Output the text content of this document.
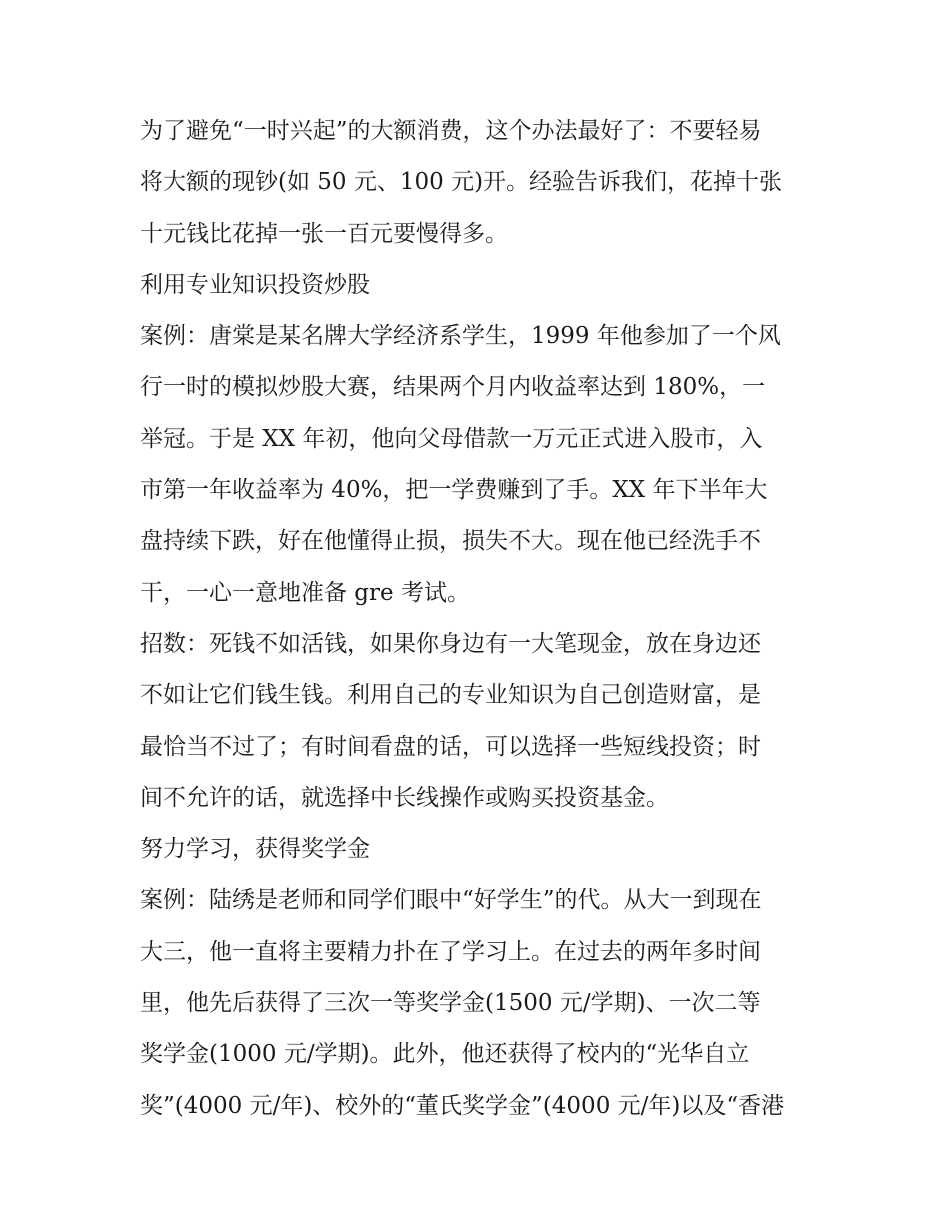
为了避免“一时兴起”的大额消费，这个办法最好了：不要轻易
将大额的现钞(如 50 元、100 元)开。经验告诉我们，花掉十张
十元钱比花掉一张一百元要慢得多。
利用专业知识投资炒股
案例：唐棠是某名牌大学经济系学生，1999 年他参加了一个风
行一时的模拟炒股大赛，结果两个月内收益率达到 180%，一
举冠。于是 XX 年初，他向父母借款一万元正式进入股市，入
市第一年收益率为 40%，把一学费赚到了手。XX 年下半年大
盘持续下跌，好在他懂得止损，损失不大。现在他已经洗手不
干，一心一意地准备 gre 考试。
招数：死钱不如活钱，如果你身边有一大笔现金，放在身边还
不如让它们钱生钱。利用自己的专业知识为自己创造财富，是
最恰当不过了；有时间看盘的话，可以选择一些短线投资；时
间不允许的话，就选择中长线操作或购买投资基金。
努力学习，获得奖学金
案例：陆绣是老师和同学们眼中“好学生”的代。从大一到现在
大三，他一直将主要精力扑在了学习上。在过去的两年多时间
里，他先后获得了三次一等奖学金(1500 元/学期)、一次二等
奖学金(1000 元/学期)。此外，他还获得了校内的“光华自立
奖”(4000 元/年)、校外的“董氏奖学金”(4000 元/年)以及“香港
